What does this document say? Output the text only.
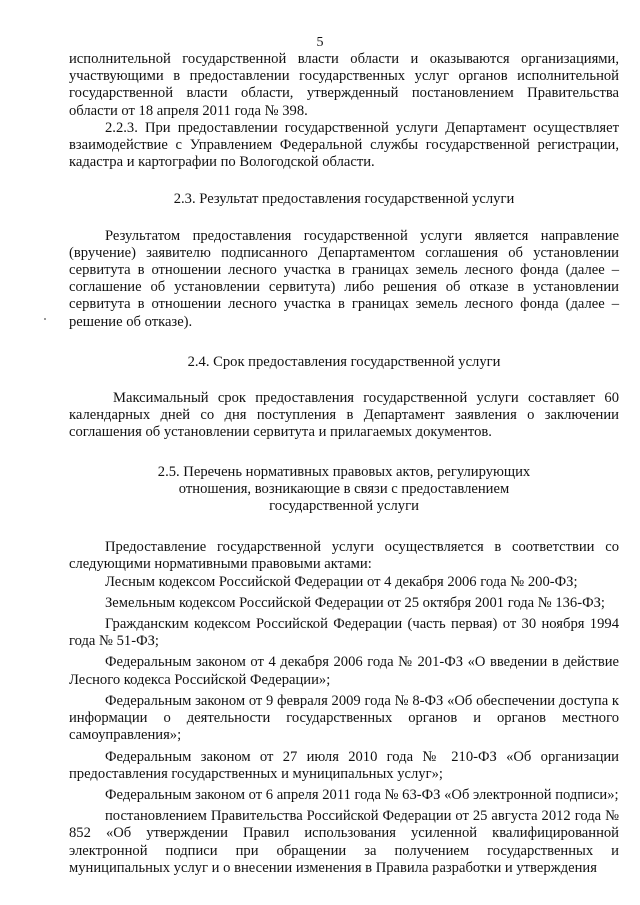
5

исполнительной государственной власти области и оказываются организациями, участвующими в предоставлении государственных услуг органов исполнительной государственной власти области, утвержденный постановлением Правительства области от 18 апреля 2011 года № 398.

2.2.3. При предоставлении государственной услуги Департамент осуществляет взаимодействие с Управлением Федеральной службы государственной регистрации, кадастра и картографии по Вологодской области.

2.3. Результат предоставления государственной услуги

Результатом предоставления государственной услуги является направление (вручение) заявителю подписанного Департаментом соглашения об установлении сервитута в отношении лесного участка в границах земель лесного фонда (далее – соглашение об установлении сервитута) либо решения об отказе в установлении сервитута в отношении лесного участка в границах земель лесного фонда (далее – решение об отказе).

2.4. Срок предоставления государственной услуги

Максимальный срок предоставления государственной услуги составляет 60 календарных дней со дня поступления в Департамент заявления о заключении соглашения об установлении сервитута и прилагаемых документов.

2.5. Перечень нормативных правовых актов, регулирующих

отношения, возникающие в связи с предоставлением

государственной услуги

Предоставление государственной услуги осуществляется в соответствии со следующими нормативными правовыми актами:

Лесным кодексом Российской Федерации от 4 декабря 2006 года № 200-ФЗ;

Земельным кодексом Российской Федерации от 25 октября 2001 года № 136-ФЗ;

Гражданским кодексом Российской Федерации (часть первая) от 30 ноября 1994 года № 51-ФЗ;

Федеральным законом от 4 декабря 2006 года № 201-ФЗ «О введении в действие Лесного кодекса Российской Федерации»;

Федеральным законом от 9 февраля 2009 года № 8-ФЗ «Об обеспечении доступа к информации о деятельности государственных органов и органов местного самоуправления»;

Федеральным законом от 27 июля 2010 года № 210-ФЗ «Об организации предоставления государственных и муниципальных услуг»;

Федеральным законом от 6 апреля 2011 года № 63-ФЗ «Об электронной подписи»;

постановлением Правительства Российской Федерации от 25 августа 2012 года № 852 «Об утверждении Правил использования усиленной квалифицированной электронной подписи при обращении за получением государственных и муниципальных услуг и о внесении изменения в Правила разработки и утверждения
